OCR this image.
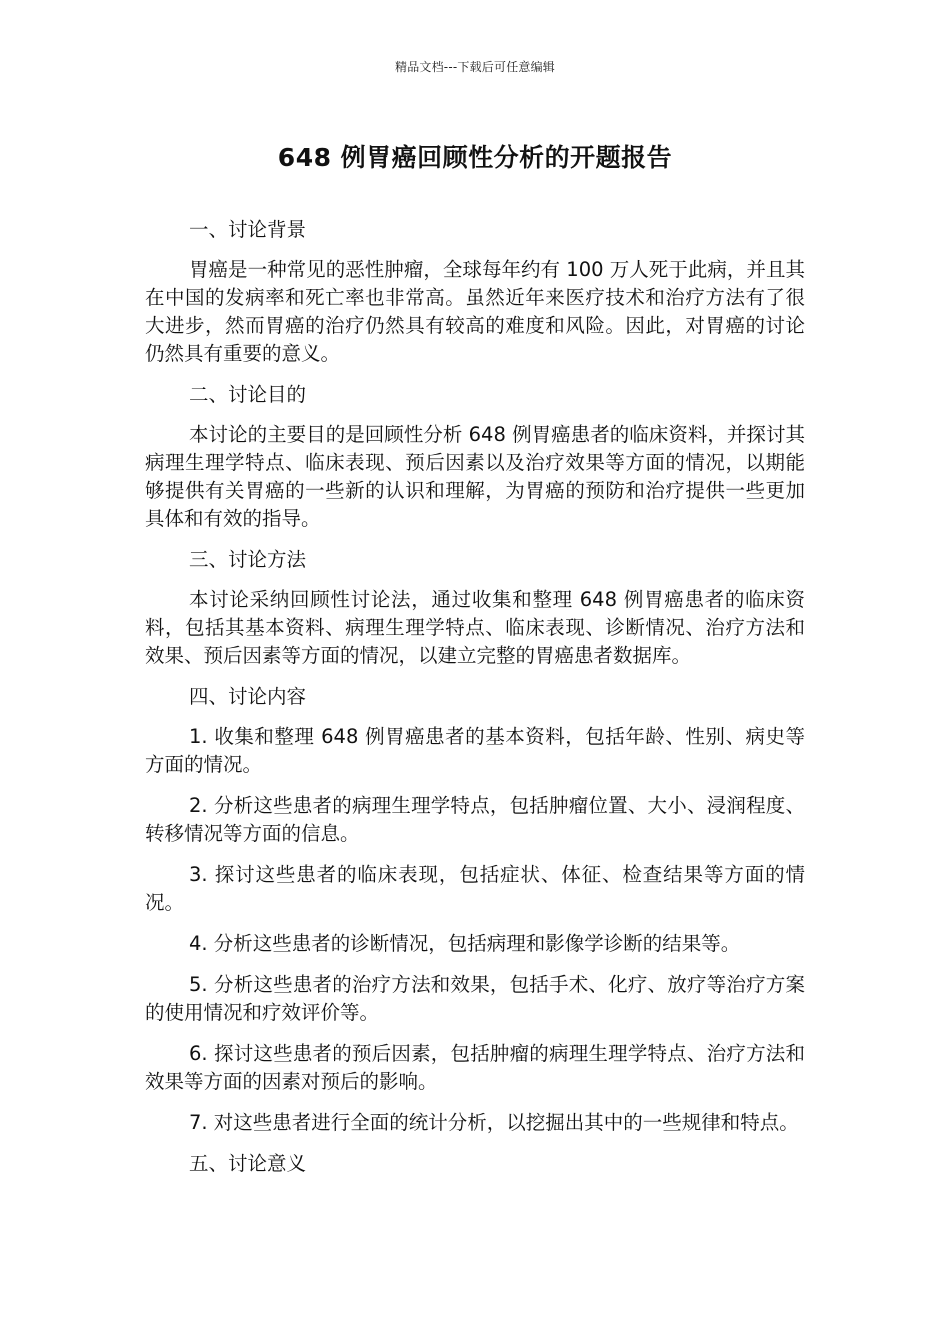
精品文档---下载后可任意编辑
648 例胃癌回顾性分析的开题报告

一、讨论背景

胃癌是一种常见的恶性肿瘤，全球每年约有 100 万人死于此病，并且其在中国的发病率和死亡率也非常高。虽然近年来医疗技术和治疗方法有了很大进步，然而胃癌的治疗仍然具有较高的难度和风险。因此，对胃癌的讨论仍然具有重要的意义。

二、讨论目的

本讨论的主要目的是回顾性分析 648 例胃癌患者的临床资料，并探讨其病理生理学特点、临床表现、预后因素以及治疗效果等方面的情况，以期能够提供有关胃癌的一些新的认识和理解，为胃癌的预防和治疗提供一些更加具体和有效的指导。

三、讨论方法

本讨论采纳回顾性讨论法，通过收集和整理 648 例胃癌患者的临床资料，包括其基本资料、病理生理学特点、临床表现、诊断情况、治疗方法和效果、预后因素等方面的情况，以建立完整的胃癌患者数据库。

四、讨论内容

1. 收集和整理 648 例胃癌患者的基本资料，包括年龄、性别、病史等方面的情况。

2. 分析这些患者的病理生理学特点，包括肿瘤位置、大小、浸润程度、转移情况等方面的信息。

3. 探讨这些患者的临床表现，包括症状、体征、检查结果等方面的情况。

4. 分析这些患者的诊断情况，包括病理和影像学诊断的结果等。

5. 分析这些患者的治疗方法和效果，包括手术、化疗、放疗等治疗方案的使用情况和疗效评价等。

6. 探讨这些患者的预后因素，包括肿瘤的病理生理学特点、治疗方法和效果等方面的因素对预后的影响。

7. 对这些患者进行全面的统计分析，以挖掘出其中的一些规律和特点。

五、讨论意义
